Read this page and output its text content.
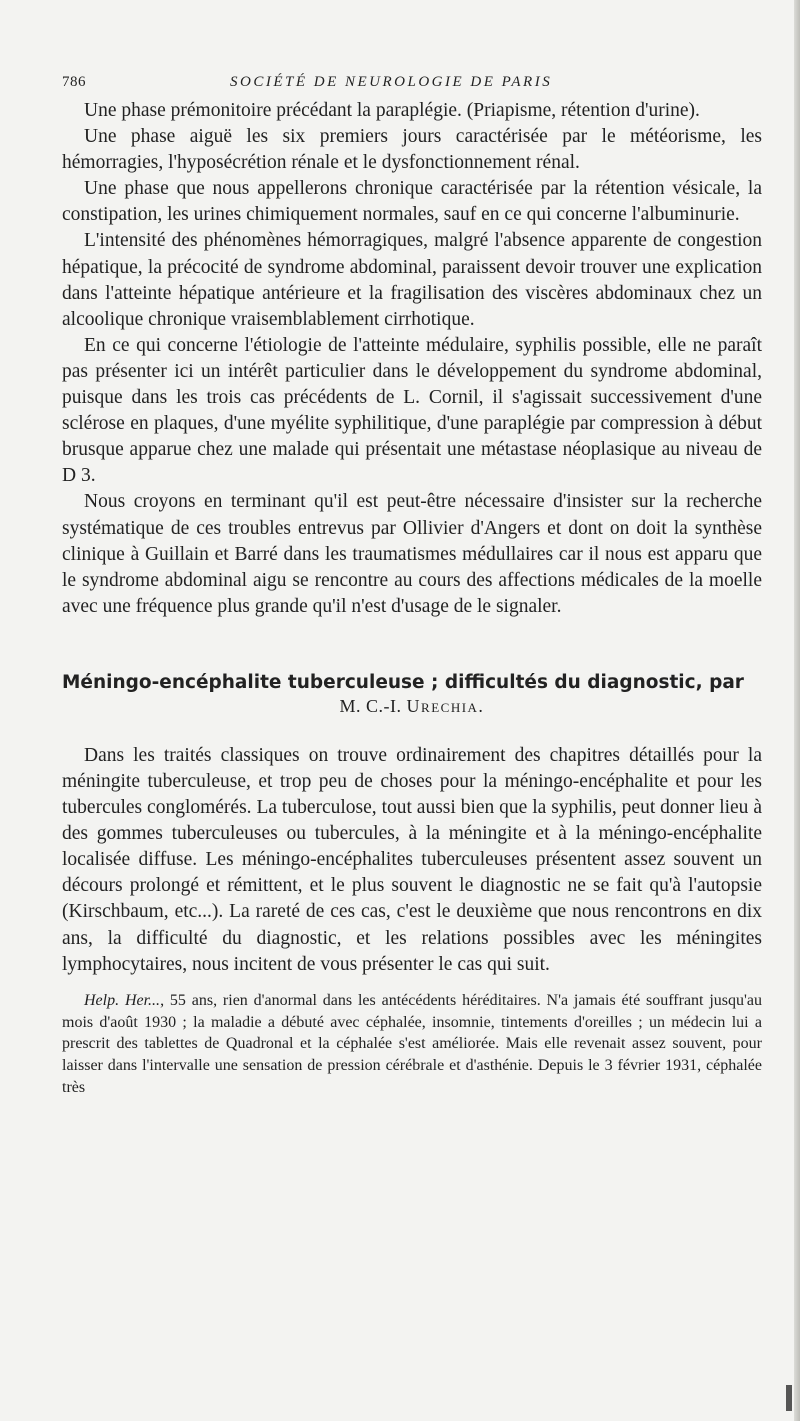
786	SOCIÉTÉ DE NEUROLOGIE DE PARIS

Une phase prémonitoire précédant la paraplégie. (Priapisme, rétention d'urine).

Une phase aiguë les six premiers jours caractérisée par le météorisme, les hémorragies, l'hyposécrétion rénale et le dysfonctionnement rénal.

Une phase que nous appellerons chronique caractérisée par la rétention vésicale, la constipation, les urines chimiquement normales, sauf en ce qui concerne l'albuminurie.

L'intensité des phénomènes hémorragiques, malgré l'absence apparente de congestion hépatique, la précocité de syndrome abdominal, paraissent devoir trouver une explication dans l'atteinte hépatique antérieure et la fragilisation des viscères abdominaux chez un alcoolique chronique vraisemblablement cirrhotique.

En ce qui concerne l'étiologie de l'atteinte médulaire, syphilis possible, elle ne paraît pas présenter ici un intérêt particulier dans le développement du syndrome abdominal, puisque dans les trois cas précédents de L. Cornil, il s'agissait successivement d'une sclérose en plaques, d'une myélite syphilitique, d'une paraplégie par compression à début brusque apparue chez une malade qui présentait une métastase néoplasique au niveau de D 3.

Nous croyons en terminant qu'il est peut-être nécessaire d'insister sur la recherche systématique de ces troubles entrevus par Ollivier d'Angers et dont on doit la synthèse clinique à Guillain et Barré dans les traumatismes médullaires car il nous est apparu que le syndrome abdominal aigu se rencontre au cours des affections médicales de la moelle avec une fréquence plus grande qu'il n'est d'usage de le signaler.

Méningo-encéphalite tuberculeuse ; difficultés du diagnostic, par
M. C.-I. Urechia.

Dans les traités classiques on trouve ordinairement des chapitres détaillés pour la méningite tuberculeuse, et trop peu de choses pour la méningo-encéphalite et pour les tubercules conglomérés. La tuberculose, tout aussi bien que la syphilis, peut donner lieu à des gommes tuberculeuses ou tubercules, à la méningite et à la méningo-encéphalite localisée diffuse. Les méningo-encéphalites tuberculeuses présentent assez souvent un décours prolongé et rémittent, et le plus souvent le diagnostic ne se fait qu'à l'autopsie (Kirschbaum, etc...). La rareté de ces cas, c'est le deuxième que nous rencontrons en dix ans, la difficulté du diagnostic, et les relations possibles avec les méningites lymphocytaires, nous incitent de vous présenter le cas qui suit.

Help. Her..., 55 ans, rien d'anormal dans les antécédents héréditaires. N'a jamais été souffrant jusqu'au mois d'août 1930 ; la maladie a débuté avec céphalée, insomnie, tintements d'oreilles ; un médecin lui a prescrit des tablettes de Quadronal et la céphalée s'est améliorée. Mais elle revenait assez souvent, pour laisser dans l'intervalle une sensation de pression cérébrale et d'asthénie. Depuis le 3 février 1931, céphalée très
